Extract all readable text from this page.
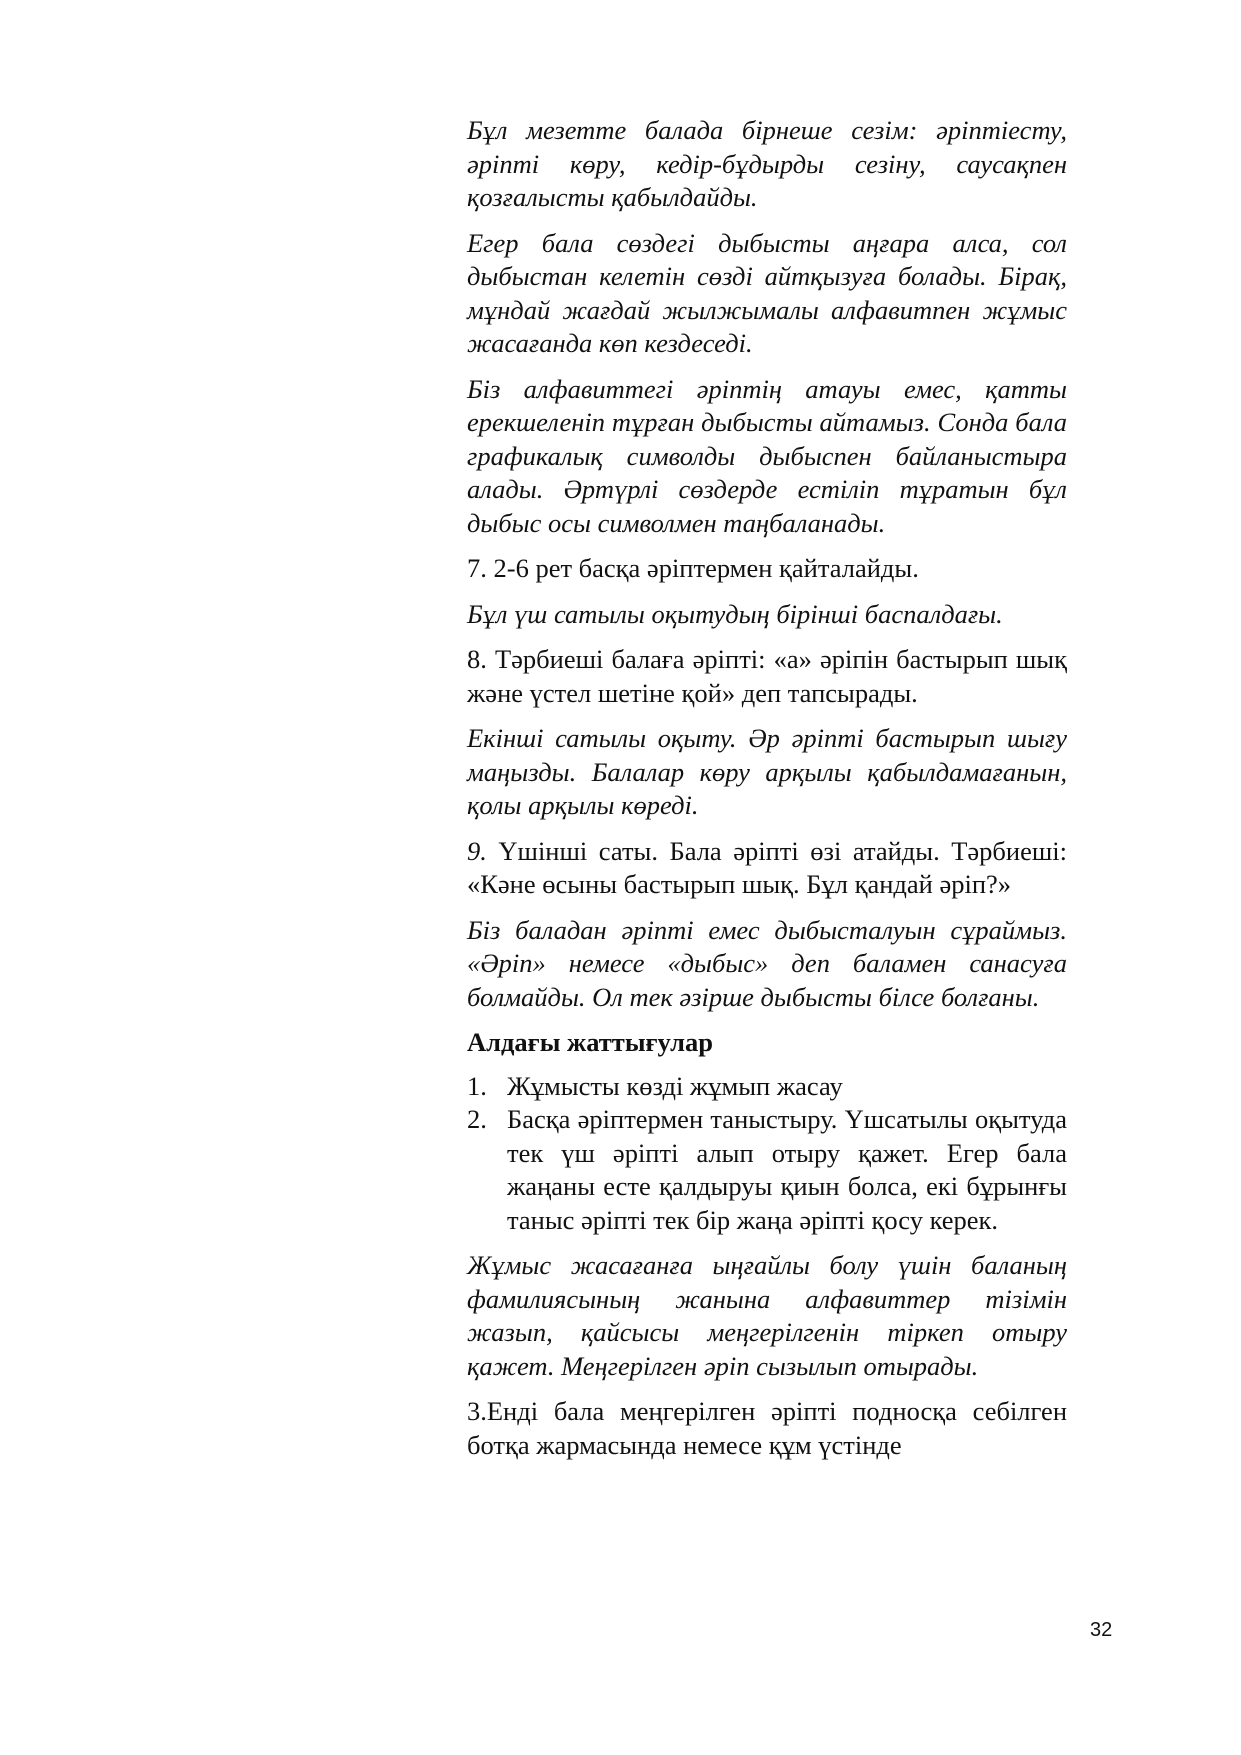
Бұл мезетте балада бірнеше сезім: әріптіесту, әріпті көру, кедір-бұдырды сезіну, саусақпен қозғалысты қабылдайды.

Егер бала сөздегі дыбысты аңғара алса, сол дыбыстан келетін сөзді айтқызуға болады. Бірақ, мұндай жағдай жылжымалы алфавитпен жұмыс жасағанда көп кездеседі.

Біз алфавиттегі әріптің атауы емес, қатты ерекшеленіп тұрған дыбысты айтамыз. Сонда бала графикалық символды дыбыспен байланыстыра алады. Әртүрлі сөздерде естіліп тұратын бұл дыбыс осы символмен таңбаланады.

7. 2-6 рет басқа әріптермен қайталайды.

Бұл үш сатылы оқытудың бірінші баспалдағы.

8. Тәрбиеші балаға әріпті: «а» әріпін бастырып шық және үстел шетіне қой» деп тапсырады.

Екінші сатылы оқыту. Әр әріпті бастырып шығу маңызды. Балалар көру арқылы қабылдамағанын, қолы арқылы көреді.

9. Үшінші саты. Бала әріпті өзі атайды. Тәрбиеші: «Кәне өсыны бастырып шық. Бұл қандай әріп?»

Біз баладан әріпті емес дыбысталуын сұраймыз. «Әріп» немесе «дыбыс» деп баламен санасуға болмайды. Ол тек әзірше дыбысты білсе болғаны.

Алдағы жаттығулар

1. Жұмысты көзді жұмып жасау
2. Басқа әріптермен таныстыру. Үшсатылы оқытуда тек үш әріпті алып отыру қажет. Егер бала жаңаны есте қалдыруы қиын болса, екі бұрынғы таныс әріпті тек бір жаңа әріпті қосу керек.

Жұмыс жасағанға ыңғайлы болу үшін баланың фамилиясының жанына алфавиттер тізімін жазып, қайсысы меңгерілгенін тіркеп отыру қажет. Меңгерілген әріп сызылып отырады.

3.Енді бала меңгерілген әріпті подносқа себілген ботқа жармасында немесе құм үстінде

32
